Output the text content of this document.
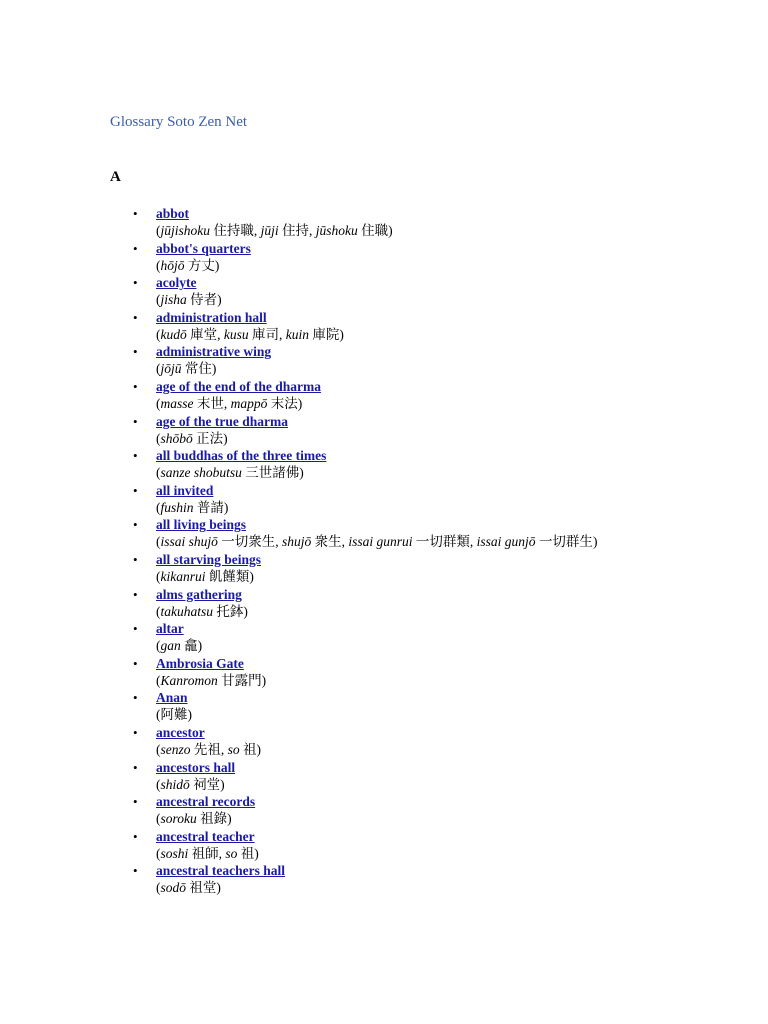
Glossary Soto Zen Net
A
• abbot
(jūjishoku 住持職, jūji 住持, jūshoku 住職)
• abbot's quarters
(hōjō 方丈)
• acolyte
(jisha 侍者)
• administration hall
(kudō 庫堂, kusu 庫司, kuin 庫院)
• administrative wing
(jōjū 常住)
• age of the end of the dharma
(masse 末世, mappō 末法)
• age of the true dharma
(shōbō 正法)
• all buddhas of the three times
(sanze shobutsu 三世諸佛)
• all invited
(fushin 普請)
• all living beings
(issai shujō 一切衆生, shujō 衆生, issai gunrui 一切群類, issai gunjō 一切群生)
• all starving beings
(kikanrui 飢饉類)
• alms gathering
(takuhatsu 托鉢)
• altar
(gan 龕)
• Ambrosia Gate
(Kanromon 甘露門)
• Anan
(阿難)
• ancestor
(senzo 先祖, so 祖)
• ancestors hall
(shidō 祠堂)
• ancestral records
(soroku 祖錄)
• ancestral teacher
(soshi 祖師, so 祖)
• ancestral teachers hall
(sodō 祖堂)
